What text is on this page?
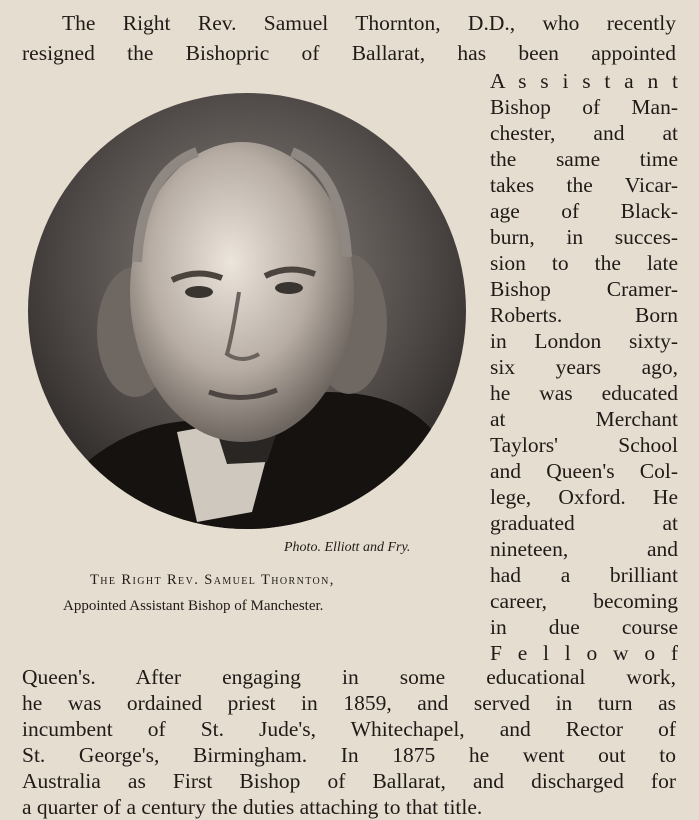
The Right Rev. Samuel Thornton, D.D., who recently
resigned the Bishopric of Ballarat, has been appointed
A s s i s t a n t
Bishop of Man-
chester, and at
the same time
takes the Vicar-
age of Black-
burn, in succes-
sion to the late
Bishop Cramer-
Roberts. Born
in London sixty-
six years ago,
he was educated
at Merchant
Taylors' School
and Queen's Col-
lege, Oxford. He
graduated at
nineteen, and
had a brilliant
career, becoming
in due course
F e l l o w o f
Queen's. After engaging in some educational work,
he was ordained priest in 1859, and served in turn as
incumbent of St. Jude's, Whitechapel, and Rector of
St. George's, Birmingham. In 1875 he went out to
Australia as First Bishop of Ballarat, and discharged for
a quarter of a century the duties attaching to that title.
Photo. Elliott and Fry.
The Right Rev. Samuel Thornton,
Appointed Assistant Bishop of Manchester.
